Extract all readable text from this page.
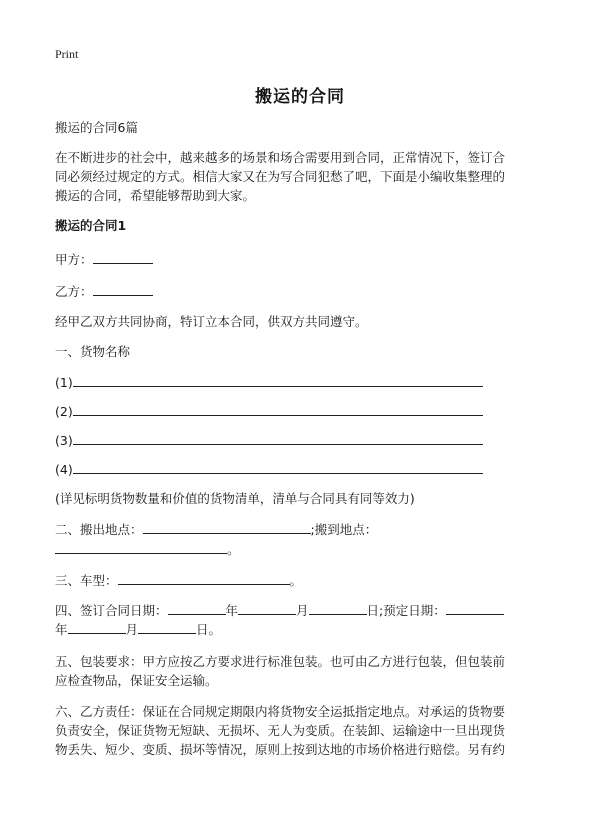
Print
搬运的合同
搬运的合同6篇
在不断进步的社会中，越来越多的场景和场合需要用到合同，正常情况下，签订合
同必须经过规定的方式。相信大家又在为写合同犯愁了吧，下面是小编收集整理的
搬运的合同，希望能够帮助到大家。
搬运的合同1
甲方：
乙方：
经甲乙双方共同协商，特订立本合同，供双方共同遵守。
一、货物名称
(1)
(2)
(3)
(4)
(详见标明货物数量和价值的货物清单，清单与合同具有同等效力)
二、搬出地点：	;搬到地点：
。
三、车型：	。
四、签订合同日期：	年	月	日;预定日期：
年	月	日。
五、包装要求：甲方应按乙方要求进行标准包装。也可由乙方进行包装，但包装前
应检查物品，保证安全运输。
六、乙方责任：保证在合同规定期限内将货物安全运抵指定地点。对承运的货物要
负责安全，保证货物无短缺、无损坏、无人为变质。在装卸、运输途中一旦出现货
物丢失、短少、变质、损坏等情况，原则上按到达地的市场价格进行赔偿。另有约
